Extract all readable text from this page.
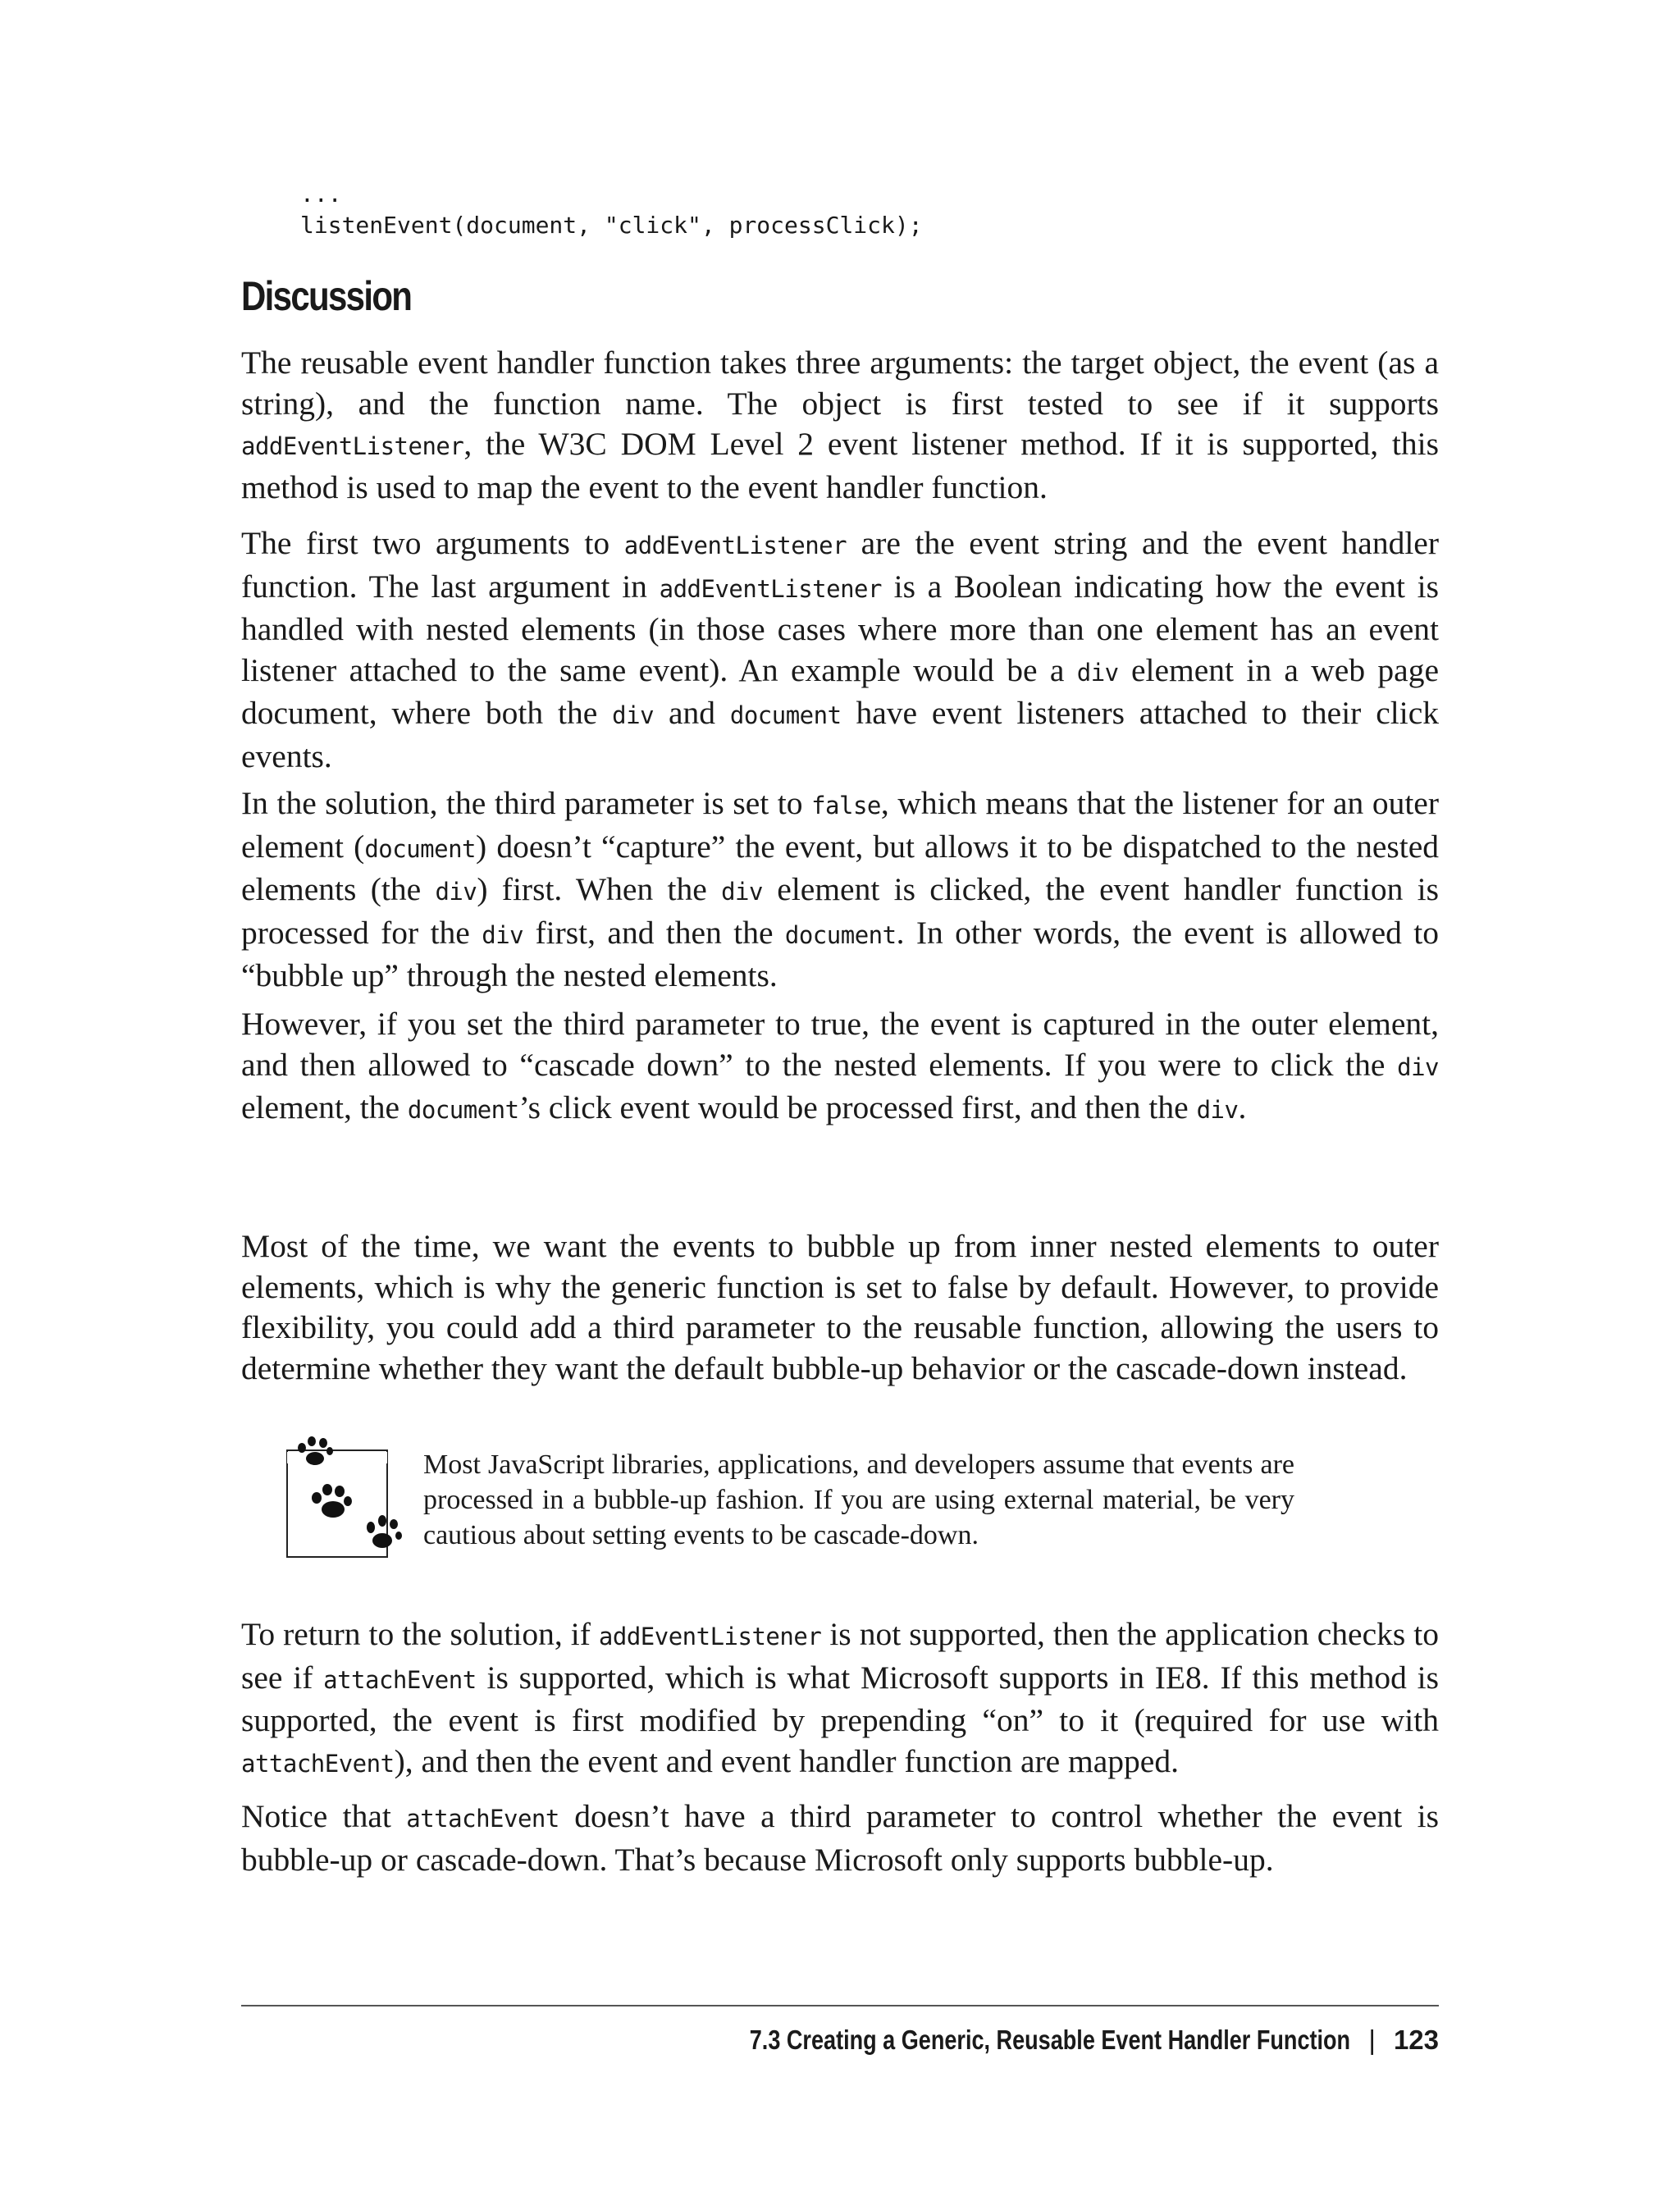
...
listenEvent(document, "click", processClick);
Discussion

The reusable event handler function takes three arguments: the target object, the event (as a string), and the function name. The object is first tested to see if it supports addEventListener, the W3C DOM Level 2 event listener method. If it is supported, this method is used to map the event to the event handler function.

The first two arguments to addEventListener are the event string and the event handler function. The last argument in addEventListener is a Boolean indicating how the event is handled with nested elements (in those cases where more than one element has an event listener attached to the same event). An example would be a div element in a web page document, where both the div and document have event listeners attached to their click events.

In the solution, the third parameter is set to false, which means that the listener for an outer element (document) doesn’t “capture” the event, but allows it to be dispatched to the nested elements (the div) first. When the div element is clicked, the event handler function is processed for the div first, and then the document. In other words, the event is allowed to “bubble up” through the nested elements.

However, if you set the third parameter to true, the event is captured in the outer element, and then allowed to “cascade down” to the nested elements. If you were to click the div element, the document’s click event would be processed first, and then the div.

Most of the time, we want the events to bubble up from inner nested elements to outer elements, which is why the generic function is set to false by default. However, to provide flexibility, you could add a third parameter to the reusable function, allowing the users to determine whether they want the default bubble-up behavior or the cascade-down instead.

Most JavaScript libraries, applications, and developers assume that events are processed in a bubble-up fashion. If you are using external material, be very cautious about setting events to be cascade-down.

To return to the solution, if addEventListener is not supported, then the application checks to see if attachEvent is supported, which is what Microsoft supports in IE8. If this method is supported, the event is first modified by prepending “on” to it (required for use with attachEvent), and then the event and event handler function are mapped.

Notice that attachEvent doesn’t have a third parameter to control whether the event is bubble-up or cascade-down. That’s because Microsoft only supports bubble-up.

7.3 Creating a Generic, Reusable Event Handler Function | 123
